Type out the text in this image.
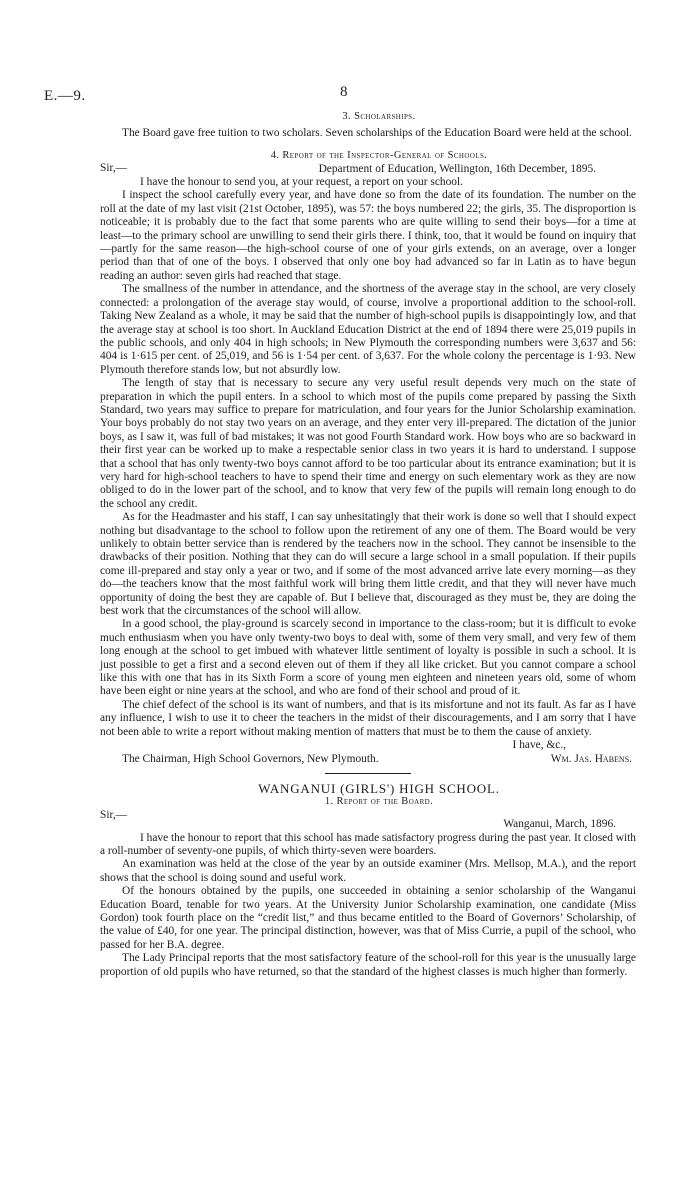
E.—9.	8

3. Scholarships.

The Board gave free tuition to two scholars. Seven scholarships of the Education Board were held at the school.

4. Report of the Inspector-General of Schools.

Sir,—	Department of Education, Wellington, 16th December, 1895.

I have the honour to send you, at your request, a report on your school.

I inspect the school carefully every year, and have done so from the date of its foundation. The number on the roll at the date of my last visit (21st October, 1895), was 57: the boys numbered 22; the girls, 35. The disproportion is noticeable; it is probably due to the fact that some parents who are quite willing to send their boys—for a time at least—to the primary school are unwilling to send their girls there. I think, too, that it would be found on inquiry that —partly for the same reason—the high-school course of one of your girls extends, on an average, over a longer period than that of one of the boys. I observed that only one boy had advanced so far in Latin as to have begun reading an author: seven girls had reached that stage.

The smallness of the number in attendance, and the shortness of the average stay in the school, are very closely connected: a prolongation of the average stay would, of course, involve a proportional addition to the school-roll. Taking New Zealand as a whole, it may be said that the number of high-school pupils is disappointingly low, and that the average stay at school is too short. In Auckland Education District at the end of 1894 there were 25,019 pupils in the public schools, and only 404 in high schools; in New Plymouth the corresponding numbers were 3,637 and 56: 404 is 1·615 per cent. of 25,019, and 56 is 1·54 per cent. of 3,637. For the whole colony the percentage is 1·93. New Plymouth therefore stands low, but not absurdly low.

The length of stay that is necessary to secure any very useful result depends very much on the state of preparation in which the pupil enters. In a school to which most of the pupils come prepared by passing the Sixth Standard, two years may suffice to prepare for matriculation, and four years for the Junior Scholarship examination. Your boys probably do not stay two years on an average, and they enter very ill-prepared. The dictation of the junior boys, as I saw it, was full of bad mistakes; it was not good Fourth Standard work. How boys who are so backward in their first year can be worked up to make a respectable senior class in two years it is hard to understand. I suppose that a school that has only twenty-two boys cannot afford to be too particular about its entrance examination; but it is very hard for high-school teachers to have to spend their time and energy on such elementary work as they are now obliged to do in the lower part of the school, and to know that very few of the pupils will remain long enough to do the school any credit.

As for the Headmaster and his staff, I can say unhesitatingly that their work is done so well that I should expect nothing but disadvantage to the school to follow upon the retirement of any one of them. The Board would be very unlikely to obtain better service than is rendered by the teachers now in the school. They cannot be insensible to the drawbacks of their position. Nothing that they can do will secure a large school in a small population. If their pupils come ill-prepared and stay only a year or two, and if some of the most advanced arrive late every morning—as they do—the teachers know that the most faithful work will bring them little credit, and that they will never have much opportunity of doing the best they are capable of. But I believe that, discouraged as they must be, they are doing the best work that the circumstances of the school will allow.

In a good school, the play-ground is scarcely second in importance to the class-room; but it is difficult to evoke much enthusiasm when you have only twenty-two boys to deal with, some of them very small, and very few of them long enough at the school to get imbued with whatever little sentiment of loyalty is possible in such a school. It is just possible to get a first and a second eleven out of them if they all like cricket. But you cannot compare a school like this with one that has in its Sixth Form a score of young men eighteen and nineteen years old, some of whom have been eight or nine years at the school, and who are fond of their school and proud of it.

The chief defect of the school is its want of numbers, and that is its misfortune and not its fault. As far as I have any influence, I wish to use it to cheer the teachers in the midst of their discouragements, and I am sorry that I have not been able to write a report without making mention of matters that must be to them the cause of anxiety.

I have, &c.,

The Chairman, High School Governors, New Plymouth.	Wm. Jas. Habens.

WANGANUI (GIRLS') HIGH SCHOOL.

1. Report of the Board.

Sir,—

Wanganui, March, 1896.

I have the honour to report that this school has made satisfactory progress during the past year. It closed with a roll-number of seventy-one pupils, of which thirty-seven were boarders.

An examination was held at the close of the year by an outside examiner (Mrs. Mellsop, M.A.), and the report shows that the school is doing sound and useful work.

Of the honours obtained by the pupils, one succeeded in obtaining a senior scholarship of the Wanganui Education Board, tenable for two years. At the University Junior Scholarship examination, one candidate (Miss Gordon) took fourth place on the “credit list,” and thus became entitled to the Board of Governors’ Scholarship, of the value of £40, for one year. The principal distinction, however, was that of Miss Currie, a pupil of the school, who passed for her B.A. degree.

The Lady Principal reports that the most satisfactory feature of the school-roll for this year is the unusually large proportion of old pupils who have returned, so that the standard of the highest classes is much higher than formerly.
